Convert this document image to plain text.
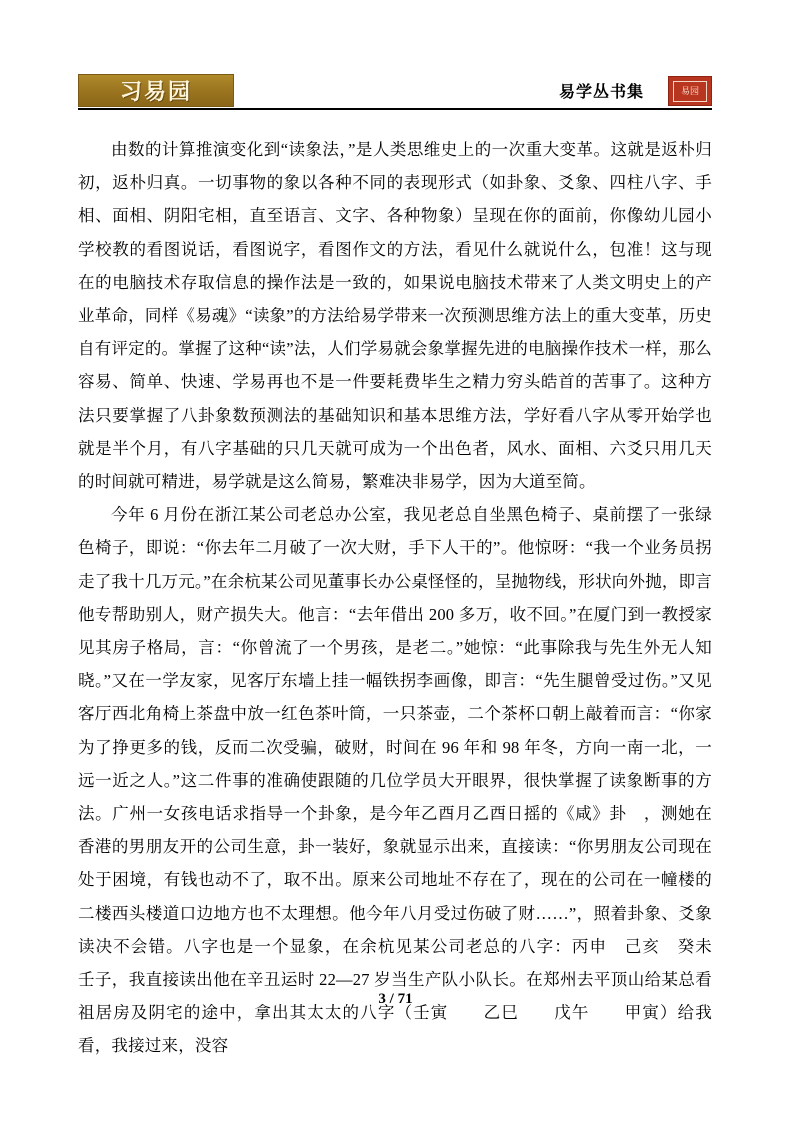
习易园	易学丛书集	易园

由数的计算推演变化到“读象法，”是人类思维史上的一次重大变革。这就是返朴归初，返朴归真。一切事物的象以各种不同的表现形式（如卦象、爻象、四柱八字、手相、面相、阴阳宅相，直至语言、文字、各种物象）呈现在你的面前，你像幼儿园小学校教的看图说话，看图说字，看图作文的方法，看见什么就说什么，包准！这与现在的电脑技术存取信息的操作法是一致的，如果说电脑技术带来了人类文明史上的产业革命，同样《易魂》“读象”的方法给易学带来一次预测思维方法上的重大变革，历史自有评定的。掌握了这种“读”法，人们学易就会象掌握先进的电脑操作技术一样，那么容易、简单、快速、学易再也不是一件要耗费毕生之精力穷头皓首的苦事了。这种方法只要掌握了八卦象数预测法的基础知识和基本思维方法，学好看八字从零开始学也就是半个月，有八字基础的只几天就可成为一个出色者，风水、面相、六爻只用几天的时间就可精进，易学就是这么简易，繁难决非易学，因为大道至简。

今年 6 月份在浙江某公司老总办公室，我见老总自坐黑色椅子、桌前摆了一张绿色椅子，即说：“你去年二月破了一次大财，手下人干的”。他惊呀：“我一个业务员拐走了我十几万元。”在余杭某公司见董事长办公桌怪怪的，呈抛物线，形状向外抛，即言他专帮助别人，财产损失大。他言：“去年借出 200 多万，收不回。”在厦门到一教授家见其房子格局，言：“你曾流了一个男孩，是老二。”她惊：“此事除我与先生外无人知晓。”又在一学友家，见客厅东墙上挂一幅铁拐李画像，即言：“先生腿曾受过伤。”又见客厅西北角椅上茶盘中放一红色茶叶筒，一只茶壶，二个茶杯口朝上敲着而言：“你家为了挣更多的钱，反而二次受骗，破财，时间在 96 年和 98 年冬，方向一南一北，一远一近之人。”这二件事的准确使跟随的几位学员大开眼界，很快掌握了读象断事的方法。广州一女孩电话求指导一个卦象，是今年乙酉月乙酉日摇的《咸》卦　，测她在香港的男朋友开的公司生意，卦一装好，象就显示出来，直接读：“你男朋友公司现在处于困境，有钱也动不了，取不出。原来公司地址不存在了，现在的公司在一幢楼的二楼西头楼道口边地方也不太理想。他今年八月受过伤破了财……”，照着卦象、爻象读决不会错。八字也是一个显象，在余杭见某公司老总的八字：丙申　己亥　癸未　壬子，我直接读出他在辛丑运时 22—27 岁当生产队小队长。在郑州去平顶山给某总看祖居房及阴宅的途中，拿出其太太的八字（壬寅　　乙巳　　戊午　　甲寅）给我看，我接过来，没容

3 / 71
